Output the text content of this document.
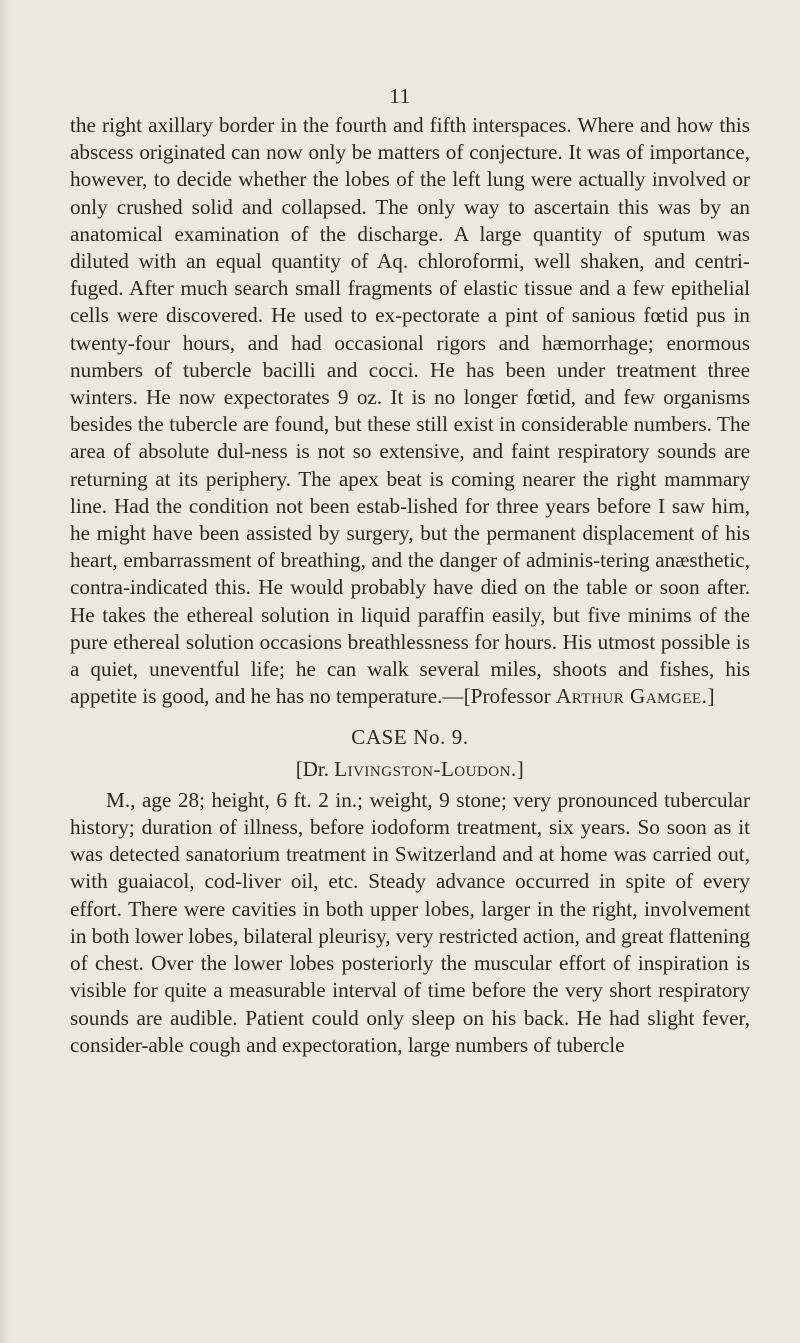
11

the right axillary border in the fourth and fifth interspaces. Where and how this abscess originated can now only be matters of conjecture. It was of importance, however, to decide whether the lobes of the left lung were actually involved or only crushed solid and collapsed. The only way to ascertain this was by an anatomical examination of the discharge. A large quantity of sputum was diluted with an equal quantity of Aq. chloroformi, well shaken, and centri-fuged. After much search small fragments of elastic tissue and a few epithelial cells were discovered. He used to ex-pectorate a pint of sanious fœtid pus in twenty-four hours, and had occasional rigors and hæmorrhage; enormous numbers of tubercle bacilli and cocci. He has been under treatment three winters. He now expectorates 9 oz. It is no longer fœtid, and few organisms besides the tubercle are found, but these still exist in considerable numbers. The area of absolute dul-ness is not so extensive, and faint respiratory sounds are returning at its periphery. The apex beat is coming nearer the right mammary line. Had the condition not been estab-lished for three years before I saw him, he might have been assisted by surgery, but the permanent displacement of his heart, embarrassment of breathing, and the danger of adminis-tering anæsthetic, contra-indicated this. He would probably have died on the table or soon after. He takes the ethereal solution in liquid paraffin easily, but five minims of the pure ethereal solution occasions breathlessness for hours. His utmost possible is a quiet, uneventful life; he can walk several miles, shoots and fishes, his appetite is good, and he has no temperature.—[Professor Arthur Gamgee.]

CASE No. 9.
[Dr. Livingston-Loudon.]

M., age 28; height, 6 ft. 2 in.; weight, 9 stone; very pronounced tubercular history; duration of illness, before iodoform treatment, six years. So soon as it was detected sanatorium treatment in Switzerland and at home was carried out, with guaiacol, cod-liver oil, etc. Steady advance occurred in spite of every effort. There were cavities in both upper lobes, larger in the right, involvement in both lower lobes, bilateral pleurisy, very restricted action, and great flattening of chest. Over the lower lobes posteriorly the muscular effort of inspiration is visible for quite a measurable interval of time before the very short respiratory sounds are audible. Patient could only sleep on his back. He had slight fever, consider-able cough and expectoration, large numbers of tubercle
